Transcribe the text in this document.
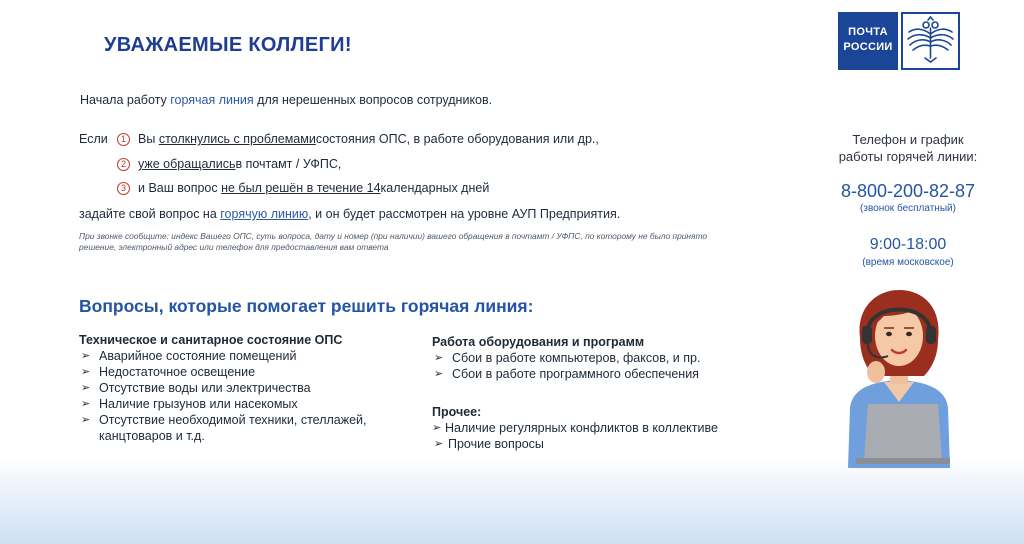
УВАЖАЕМЫЕ КОЛЛЕГИ!
ПОЧТА
РОССИИ
Начала работу горячая линия для нерешенных вопросов сотрудников.
Если	1 Вы
столкнулись с проблемами состояния ОПС, в работе оборудования или др.,
2 уже обращались в почтамт / УФПС,
3 и Ваш вопрос
не был решён в течение 14 календарных дней
задайте свой вопрос на горячую линию, и он будет рассмотрен на уровне АУП Предприятия.
При звонке сообщите: индекс Вашего ОПС, суть вопроса, дату и номер (при наличии) вашего обращения в почтамт / УФПС, по которому не было принято решение, электронный адрес или телефон для предоставления вам ответа
Вопросы, которые помогает решить горячая линия:
Техническое и санитарное состояние ОПС
➢ Аварийное состояние помещений
➢ Недостаточное освещение
➢ Отсутствие воды или электричества
➢ Наличие грызунов или насекомых
➢ Отсутствие необходимой техники, стеллажей, канцтоваров и т.д.
Работа оборудования и программ
➢ Сбои в работе компьютеров, факсов, и пр.
➢ Сбои в работе программного обеспечения
Прочее:
➢ Наличие регулярных конфликтов в коллективе
➢ Прочие вопросы
Телефон и график
работы горячей линии:
8-800-200-82-87
(звонок бесплатный)
9:00-18:00
(время московское)
